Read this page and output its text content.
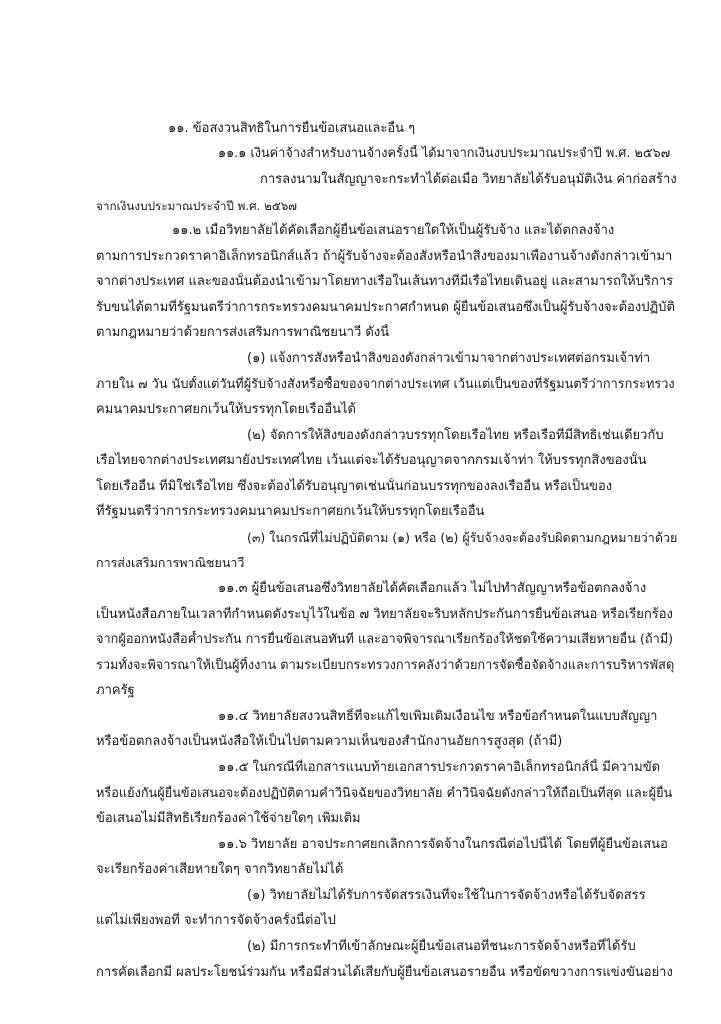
๑๑. ข้อสงวนสิทธิในการยื่นข้อเสนอและอื่น ๆ
๑๑.๑ เงินค่าจ้างสำหรับงานจ้างครั้งนี้ ได้มาจากเงินงบประมาณประจำปี พ.ศ. ๒๕๖๗
การลงนามในสัญญาจะกระทำได้ต่อเมื่อ วิทยาลัยได้รับอนุมัติเงิน ค่าก่อสร้าง
จากเงินงบประมาณประจำปี พ.ศ. ๒๕๖๗
๑๑.๒ เมื่อวิทยาลัยได้คัดเลือกผู้ยื่นข้อเสนอรายใดให้เป็นผู้รับจ้าง และได้ตกลงจ้าง
ตามการประกวดราคาอิเล็กทรอนิกส์แล้ว ถ้าผู้รับจ้างจะต้องสั่งหรือนำสิ่งของมาเพื่องานจ้างดังกล่าวเข้ามา
จากต่างประเทศ และของนั้นต้องนำเข้ามาโดยทางเรือในเส้นทางที่มีเรือไทยเดินอยู่ และสามารถให้บริการ
รับขนได้ตามที่รัฐมนตรีว่าการกระทรวงคมนาคมประกาศกำหนด ผู้ยื่นข้อเสนอซึ่งเป็นผู้รับจ้างจะต้องปฏิบัติ
ตามกฎหมายว่าด้วยการส่งเสริมการพาณิชยนาวี ดังนี้
(๑) แจ้งการสั่งหรือนำสิ่งของดังกล่าวเข้ามาจากต่างประเทศต่อกรมเจ้าท่า
ภายใน ๗ วัน นับตั้งแต่วันที่ผู้รับจ้างสั่งหรือซื้อของจากต่างประเทศ เว้นแต่เป็นของที่รัฐมนตรีว่าการกระทรวง
คมนาคมประกาศยกเว้นให้บรรทุกโดยเรืออื่นได้
(๒) จัดการให้สิ่งของดังกล่าวบรรทุกโดยเรือไทย หรือเรือที่มีสิทธิเช่นเดียวกับ
เรือไทยจากต่างประเทศมายังประเทศไทย เว้นแต่จะได้รับอนุญาตจากกรมเจ้าท่า ให้บรรทุกสิ่งของนั้น
โดยเรืออื่น ที่มิใช่เรือไทย ซึ่งจะต้องได้รับอนุญาตเช่นนั้นก่อนบรรทุกของลงเรืออื่น หรือเป็นของ
ที่รัฐมนตรีว่าการกระทรวงคมนาคมประกาศยกเว้นให้บรรทุกโดยเรืออื่น
(๓) ในกรณีที่ไม่ปฏิบัติตาม (๑) หรือ (๒) ผู้รับจ้างจะต้องรับผิดตามกฎหมายว่าด้วย
การส่งเสริมการพาณิชยนาวี
๑๑.๓ ผู้ยื่นข้อเสนอซึ่งวิทยาลัยได้คัดเลือกแล้ว ไม่ไปทำสัญญาหรือข้อตกลงจ้าง
เป็นหนังสือภายในเวลาที่กำหนดดังระบุไว้ในข้อ ๗ วิทยาลัยจะริบหลักประกันการยื่นข้อเสนอ หรือเรียกร้อง
จากผู้ออกหนังสือค้ำประกัน การยื่นข้อเสนอทันที และอาจพิจารณาเรียกร้องให้ชดใช้ความเสียหายอื่น (ถ้ามี)
รวมทั้งจะพิจารณาให้เป็นผู้ทิ้งงาน ตามระเบียบกระทรวงการคลังว่าด้วยการจัดซื้อจัดจ้างและการบริหารพัสดุ
ภาครัฐ
๑๑.๔ วิทยาลัยสงวนสิทธิ์ที่จะแก้ไขเพิ่มเติมเงื่อนไข หรือข้อกำหนดในแบบสัญญา
หรือข้อตกลงจ้างเป็นหนังสือให้เป็นไปตามความเห็นของสำนักงานอัยการสูงสุด (ถ้ามี)
๑๑.๕ ในกรณีที่เอกสารแนบท้ายเอกสารประกวดราคาอิเล็กทรอนิกส์นี้ มีความขัด
หรือแย้งกันผู้ยื่นข้อเสนอจะต้องปฏิบัติตามคำวินิจฉัยของวิทยาลัย คำวินิจฉัยดังกล่าวให้ถือเป็นที่สุด และผู้ยื่น
ข้อเสนอไม่มีสิทธิเรียกร้องค่าใช้จ่ายใดๆ เพิ่มเติม
๑๑.๖ วิทยาลัย อาจประกาศยกเลิกการจัดจ้างในกรณีต่อไปนี้ได้ โดยที่ผู้ยื่นข้อเสนอ
จะเรียกร้องค่าเสียหายใดๆ จากวิทยาลัยไม่ได้
(๑) วิทยาลัยไม่ได้รับการจัดสรรเงินที่จะใช้ในการจัดจ้างหรือได้รับจัดสรร
แต่ไม่เพียงพอที่ จะทำการจัดจ้างครั้งนี้ต่อไป
(๒) มีการกระทำที่เข้าลักษณะผู้ยื่นข้อเสนอที่ชนะการจัดจ้างหรือที่ได้รับ
การคัดเลือกมี ผลประโยชน์ร่วมกัน หรือมีส่วนได้เสียกับผู้ยื่นข้อเสนอรายอื่น หรือขัดขวางการแข่งขันอย่าง
